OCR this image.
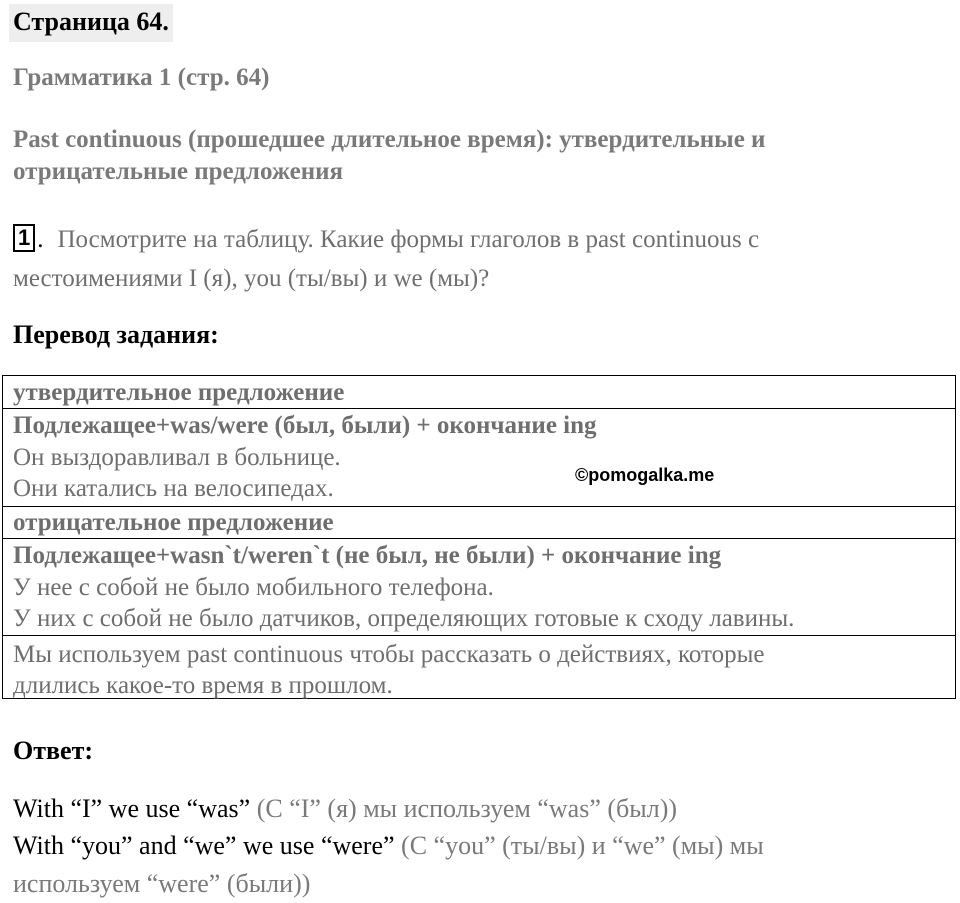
Страница 64.
Грамматика 1 (стр. 64)
Past continuous (прошедшее длительное время): утвердительные и
отрицательные предложения
1 . Посмотрите на таблицу. Какие формы глаголов в past continuous с
местоимениями I (я), you (ты/вы) и we (мы)?
Перевод задания:
утвердительное предложение
Подлежащее+was/were (был, были) + окончание ing
Он выздоравливал в больнице.
Они катались на велосипедах.
отрицательное предложение
Подлежащее+wasn`t/weren`t (не был, не были) + окончание ing
У нее с собой не было мобильного телефона.
У них с собой не было датчиков, определяющих готовые к сходу лавины.
Мы используем past continuous чтобы рассказать о действиях, которые
длились какое-то время в прошлом.
©pomogalka.me
Ответ:
With “I” we use “was” (С “I” (я) мы используем “was” (был))
With “you” and “we” we use “were” (С “you” (ты/вы) и “we” (мы) мы
используем “were” (были))
